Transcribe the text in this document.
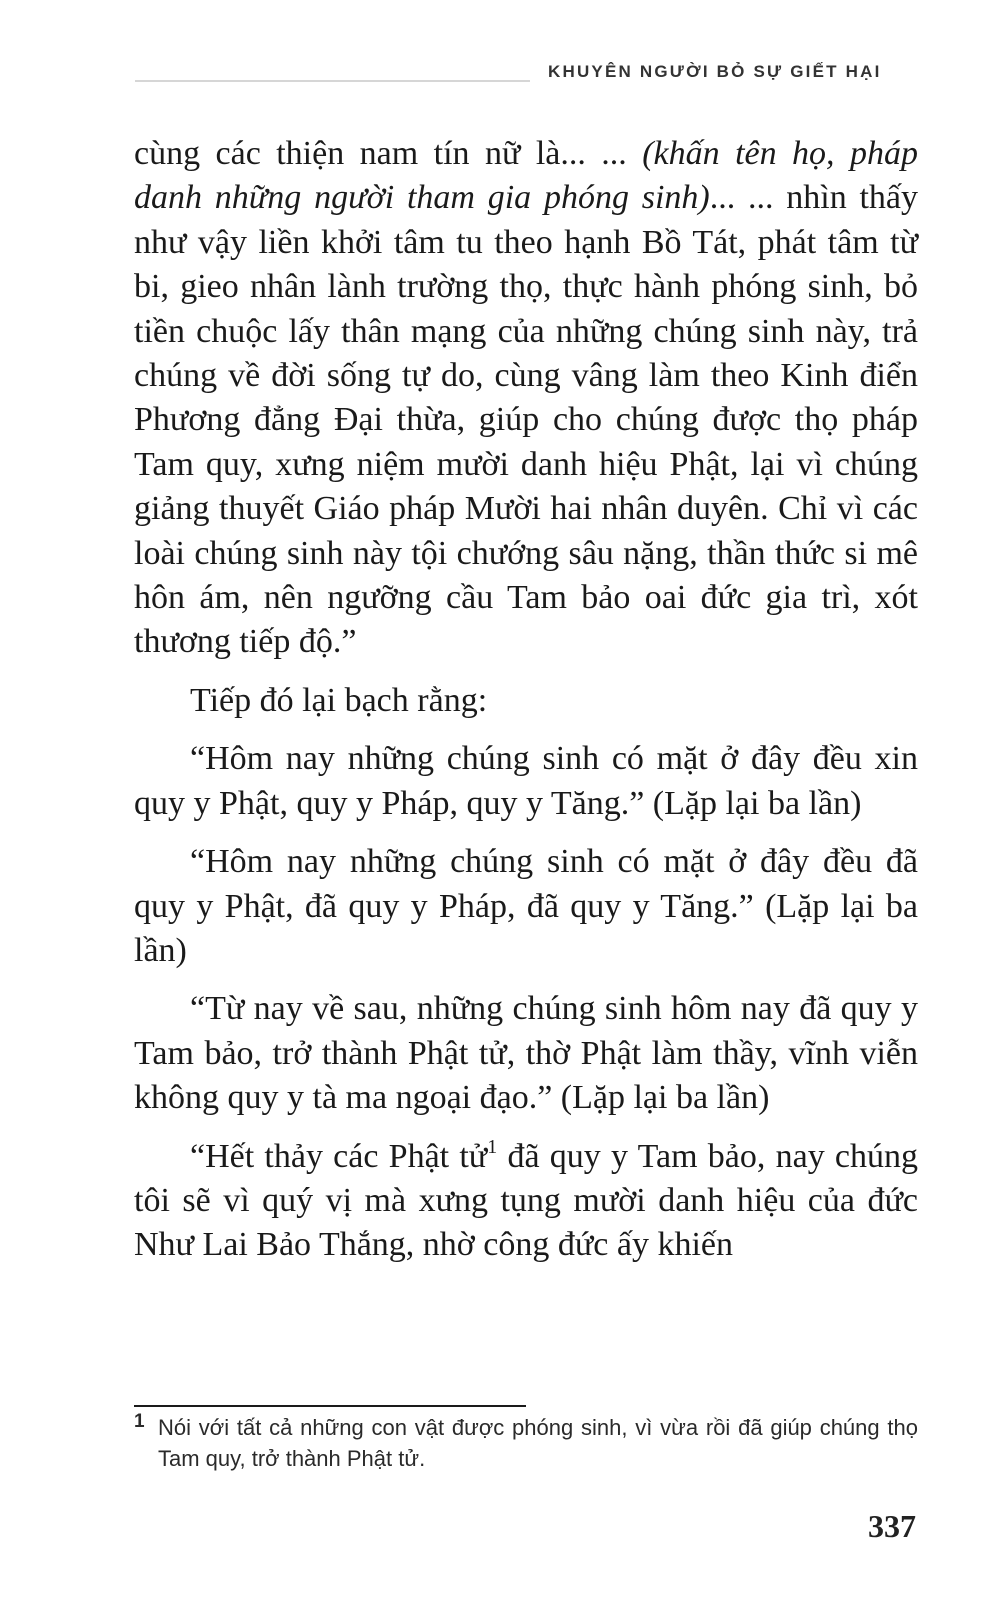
KHUYÊN NGƯỜI BỎ SỰ GIẾT HẠI

cùng các thiện nam tín nữ là... ... (khấn tên họ, pháp danh những người tham gia phóng sinh)... ... nhìn thấy như vậy liền khởi tâm tu theo hạnh Bồ Tát, phát tâm từ bi, gieo nhân lành trường thọ, thực hành phóng sinh, bỏ tiền chuộc lấy thân mạng của những chúng sinh này, trả chúng về đời sống tự do, cùng vâng làm theo Kinh điển Phương đẳng Đại thừa, giúp cho chúng được thọ pháp Tam quy, xưng niệm mười danh hiệu Phật, lại vì chúng giảng thuyết Giáo pháp Mười hai nhân duyên. Chỉ vì các loài chúng sinh này tội chướng sâu nặng, thần thức si mê hôn ám, nên ngưỡng cầu Tam bảo oai đức gia trì, xót thương tiếp độ.”

Tiếp đó lại bạch rằng:

“Hôm nay những chúng sinh có mặt ở đây đều xin quy y Phật, quy y Pháp, quy y Tăng.” (Lặp lại ba lần)

“Hôm nay những chúng sinh có mặt ở đây đều đã quy y Phật, đã quy y Pháp, đã quy y Tăng.” (Lặp lại ba lần)

“Từ nay về sau, những chúng sinh hôm nay đã quy y Tam bảo, trở thành Phật tử, thờ Phật làm thầy, vĩnh viễn không quy y tà ma ngoại đạo.” (Lặp lại ba lần)

“Hết thảy các Phật tử$^1$ đã quy y Tam bảo, nay chúng tôi sẽ vì quý vị mà xưng tụng mười danh hiệu của đức Như Lai Bảo Thắng, nhờ công đức ấy khiến

1 Nói với tất cả những con vật được phóng sinh, vì vừa rồi đã giúp chúng thọ Tam quy, trở thành Phật tử.
337
